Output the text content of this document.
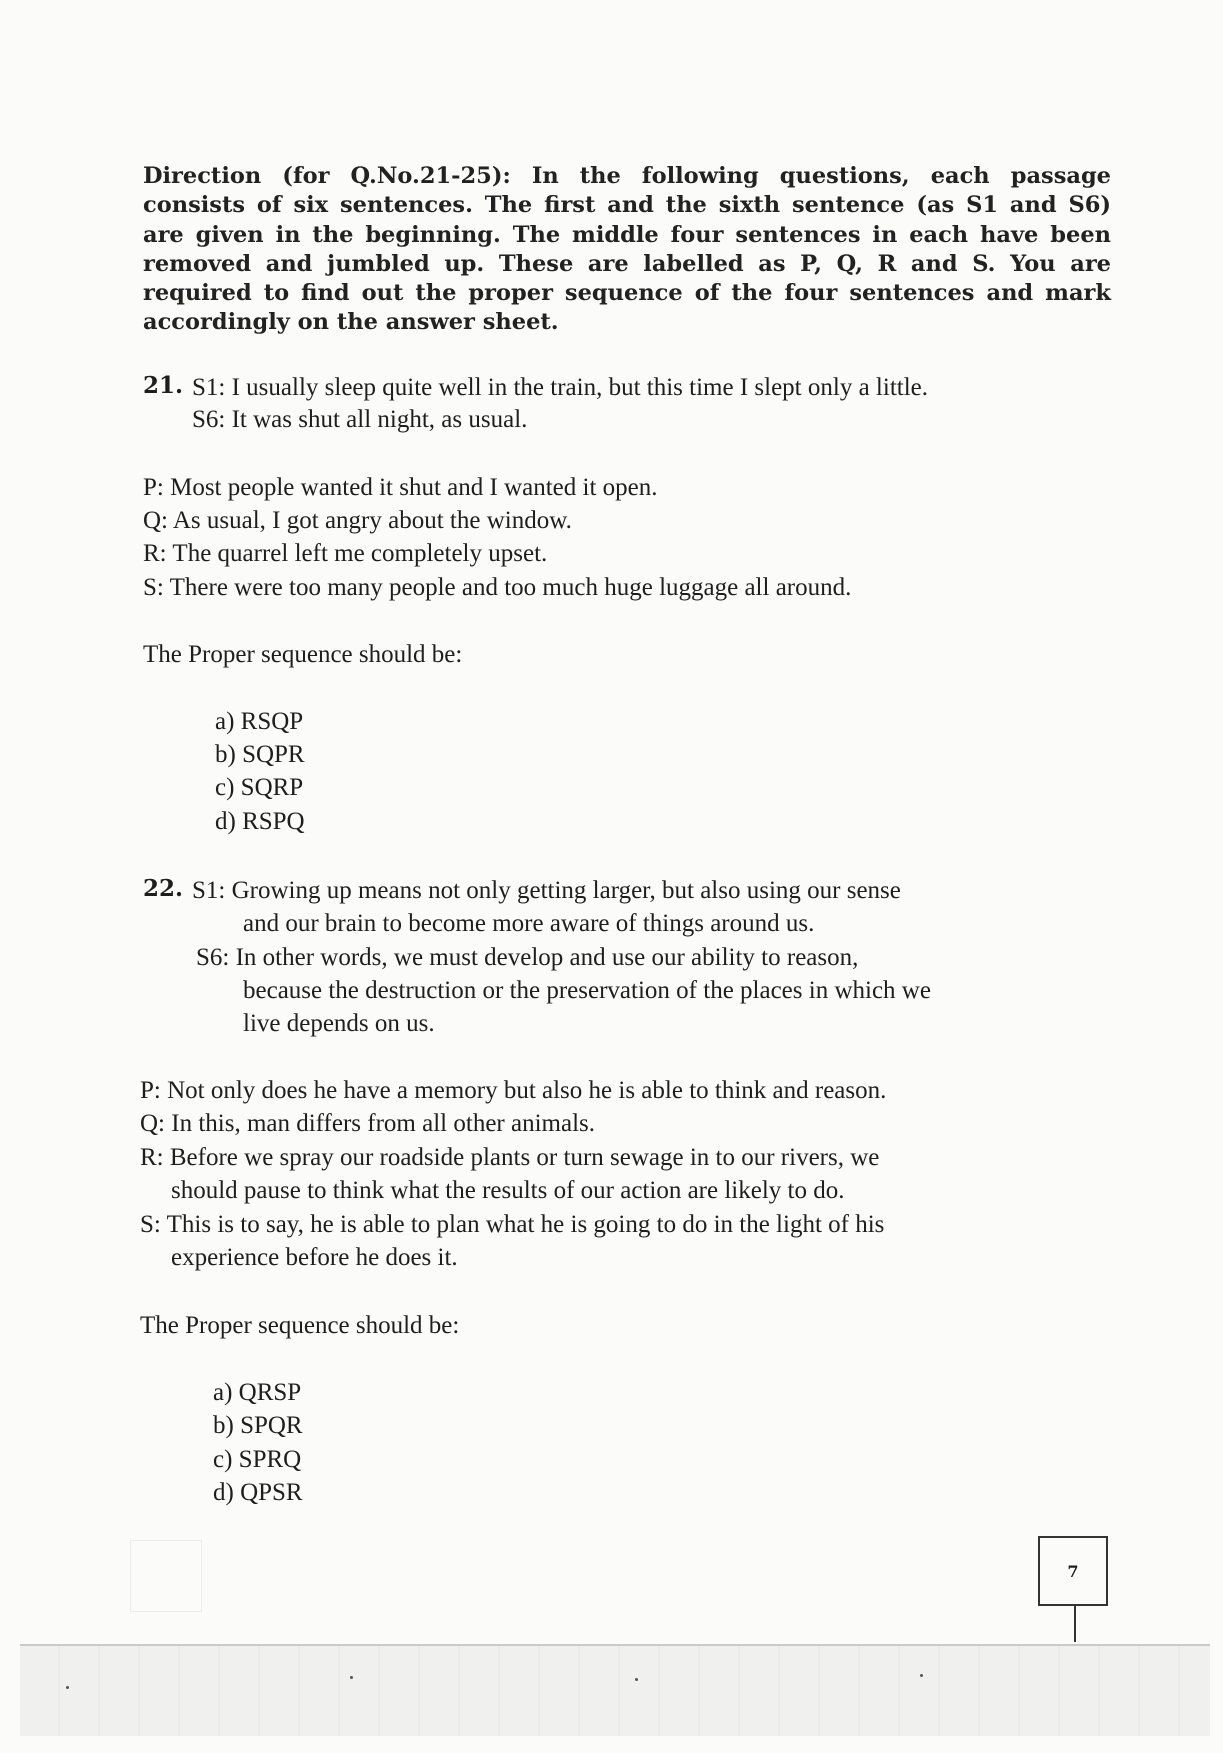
Direction (for Q.No.21-25): In the following questions, each passage
consists of six sentences. The first and the sixth sentence (as S1 and S6)
are given in the beginning. The middle four sentences in each have been
removed and jumbled up. These are labelled as P, Q, R and S. You are
required to find out the proper sequence of the four sentences and mark
accordingly on the answer sheet.
21. S1: I usually sleep quite well in the train, but this time I slept only a little.
S6: It was shut all night, as usual.
P: Most people wanted it shut and I wanted it open.
Q: As usual, I got angry about the window.
R: The quarrel left me completely upset.
S: There were too many people and too much huge luggage all around.
The Proper sequence should be:
a) RSQP
b) SQPR
c) SQRP
d) RSPQ
22. S1: Growing up means not only getting larger, but also using our sense
and our brain to become more aware of things around us.
S6: In other words, we must develop and use our ability to reason,
because the destruction or the preservation of the places in which we
live depends on us.
P: Not only does he have a memory but also he is able to think and reason.
Q: In this, man differs from all other animals.
R: Before we spray our roadside plants or turn sewage in to our rivers, we
should pause to think what the results of our action are likely to do.
S: This is to say, he is able to plan what he is going to do in the light of his
experience before he does it.
The Proper sequence should be:
a) QRSP
b) SPQR
c) SPRQ
d) QPSR
7
